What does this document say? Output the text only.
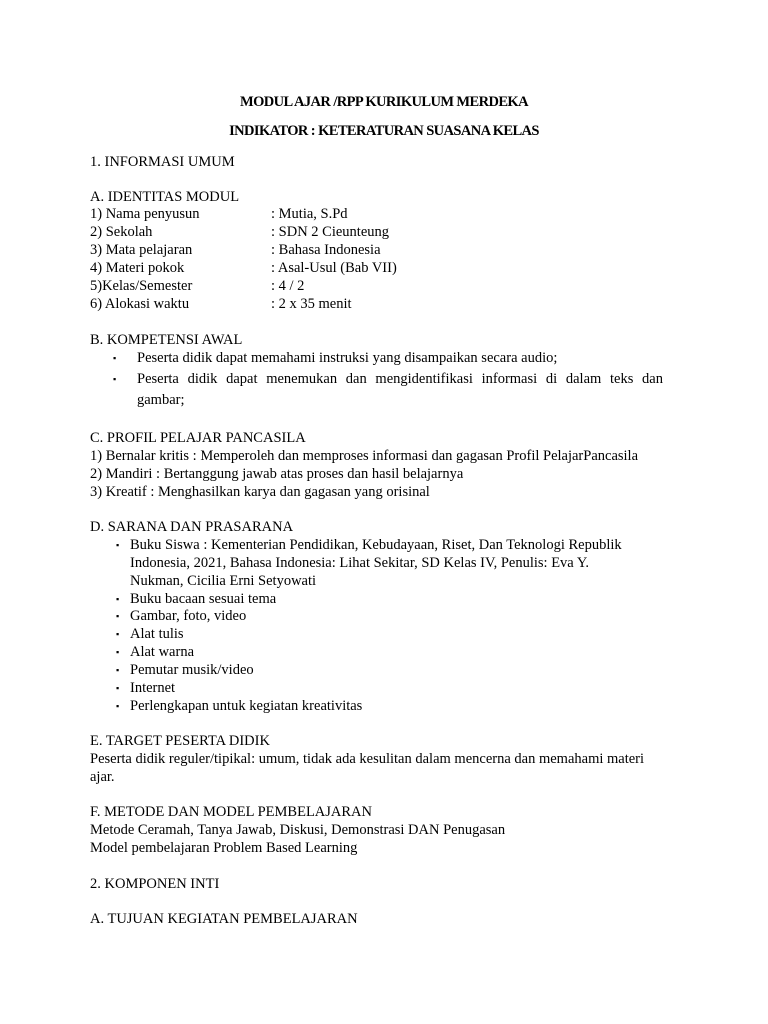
MODUL AJAR /RPP KURIKULUM MERDEKA
INDIKATOR : KETERATURAN SUASANA KELAS
1. INFORMASI UMUM
A. IDENTITAS MODUL
1) Nama penyusun	: Mutia, S.Pd
2) Sekolah	: SDN 2 Cieunteung
3) Mata pelajaran	: Bahasa Indonesia
4) Materi pokok	: Asal-Usul (Bab VII)
5)Kelas/Semester	: 4 / 2
6) Alokasi waktu	: 2 x 35 menit
B. KOMPETENSI AWAL
▪ Peserta didik dapat memahami instruksi yang disampaikan secara audio;
▪ Peserta didik dapat menemukan dan mengidentifikasi informasi di dalam teks dan
gambar;
C. PROFIL PELAJAR PANCASILA
1) Bernalar kritis : Memperoleh dan memproses informasi dan gagasan Profil PelajarPancasila
2) Mandiri : Bertanggung jawab atas proses dan hasil belajarnya
3) Kreatif : Menghasilkan karya dan gagasan yang orisinal
D. SARANA DAN PRASARANA
▪ Buku Siswa : Kementerian Pendidikan, Kebudayaan, Riset, Dan Teknologi Republik
Indonesia, 2021, Bahasa Indonesia: Lihat Sekitar, SD Kelas IV, Penulis: Eva Y.
Nukman, Cicilia Erni Setyowati
▪ Buku bacaan sesuai tema
▪ Gambar, foto, video
▪ Alat tulis
▪ Alat warna
▪ Pemutar musik/video
▪ Internet
▪ Perlengkapan untuk kegiatan kreativitas
E. TARGET PESERTA DIDIK
Peserta didik reguler/tipikal: umum, tidak ada kesulitan dalam mencerna dan memahami materi
ajar.
F. METODE DAN MODEL PEMBELAJARAN
Metode Ceramah, Tanya Jawab, Diskusi, Demonstrasi DAN Penugasan
Model pembelajaran Problem Based Learning
2. KOMPONEN INTI
A. TUJUAN KEGIATAN PEMBELAJARAN
